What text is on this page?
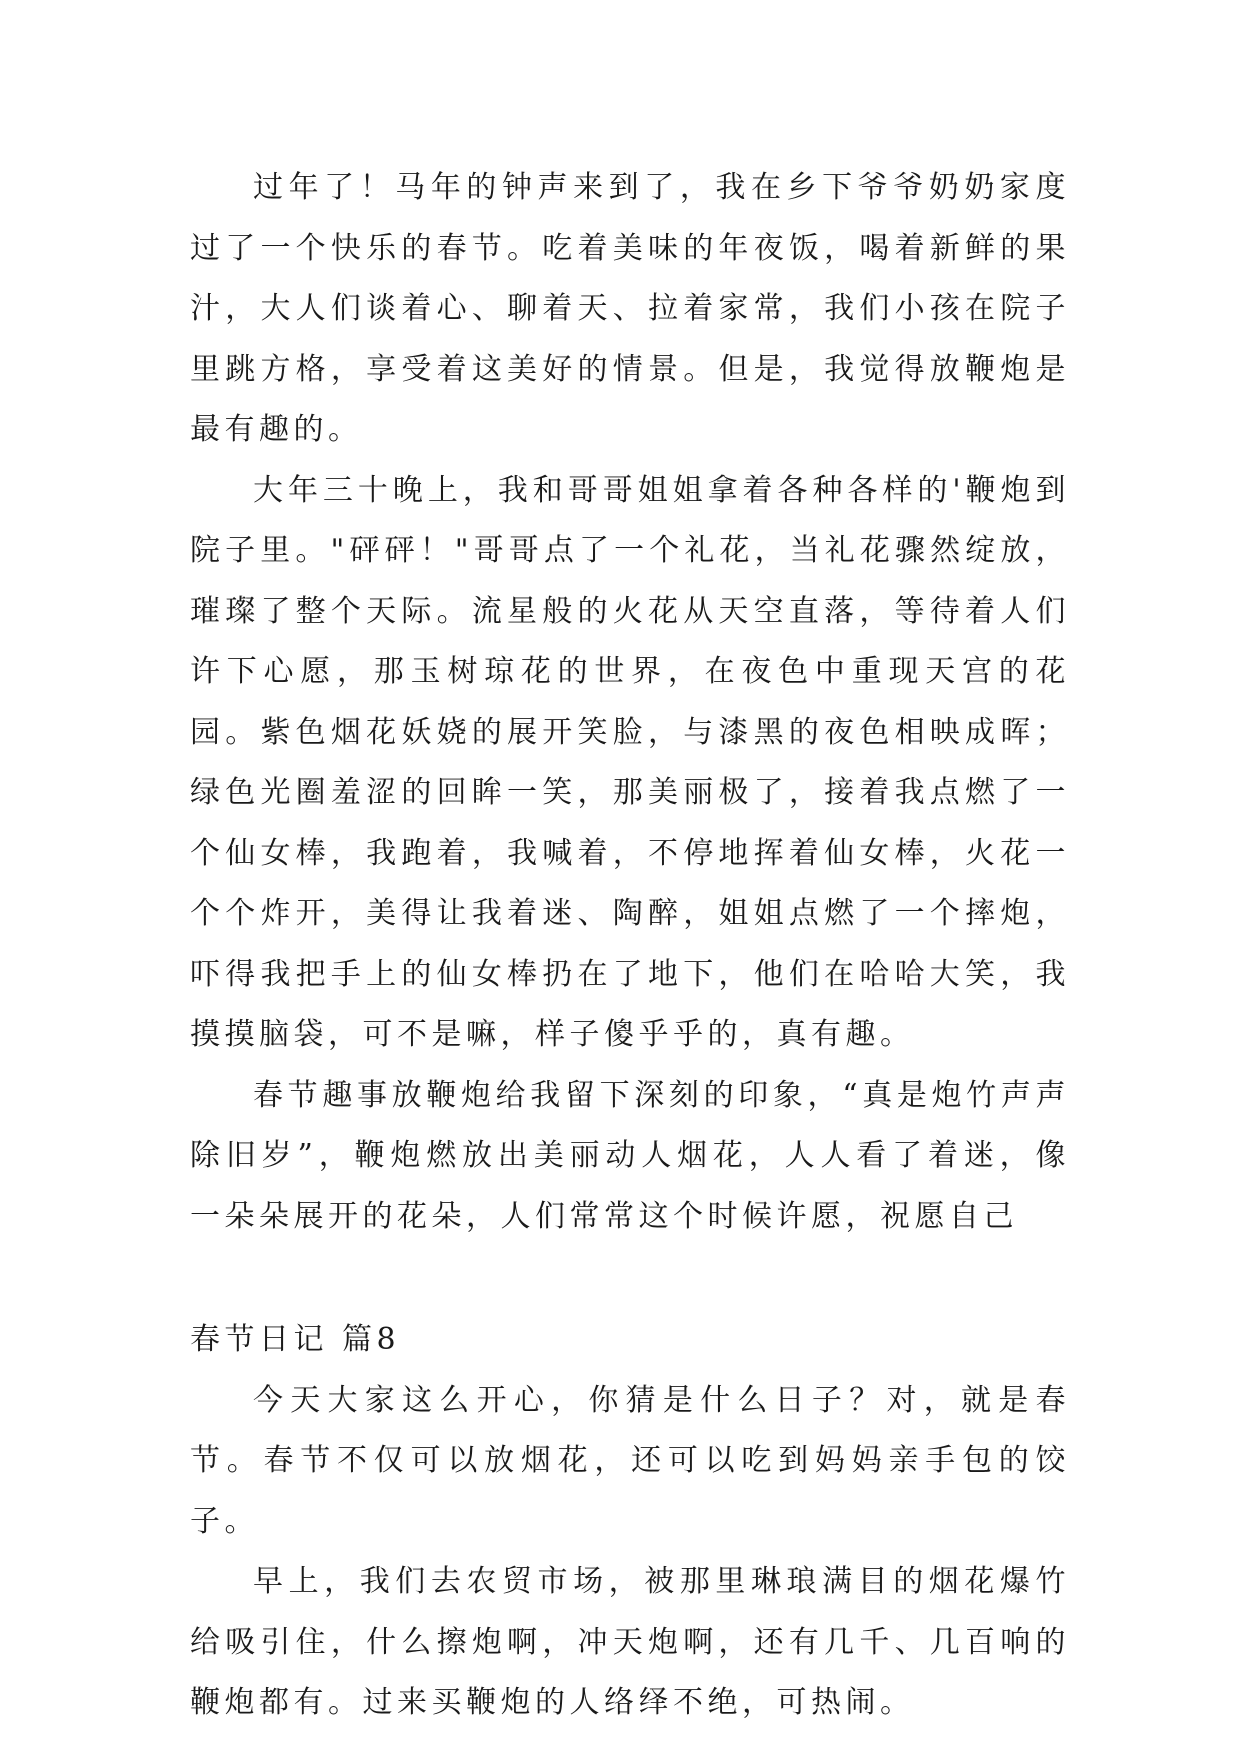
过年了！马年的钟声来到了，我在乡下爷爷奶奶家度过了一个快乐的春节。吃着美味的年夜饭，喝着新鲜的果汁，大人们谈着心、聊着天、拉着家常，我们小孩在院子里跳方格，享受着这美好的情景。但是，我觉得放鞭炮是最有趣的。

大年三十晚上，我和哥哥姐姐拿着各种各样的'鞭炮到院子里。"砰砰！"哥哥点了一个礼花，当礼花骤然绽放，璀璨了整个天际。流星般的火花从天空直落，等待着人们许下心愿，那玉树琼花的世界，在夜色中重现天宫的花园。紫色烟花妖娆的展开笑脸，与漆黑的夜色相映成晖；绿色光圈羞涩的回眸一笑，那美丽极了，接着我点燃了一个仙女棒，我跑着，我喊着，不停地挥着仙女棒，火花一个个炸开，美得让我着迷、陶醉，姐姐点燃了一个摔炮，吓得我把手上的仙女棒扔在了地下，他们在哈哈大笑，我摸摸脑袋，可不是嘛，样子傻乎乎的，真有趣。

春节趣事放鞭炮给我留下深刻的印象，“真是炮竹声声除旧岁”，鞭炮燃放出美丽动人烟花，人人看了着迷，像一朵朵展开的花朵，人们常常这个时候许愿，祝愿自己

春节日记 篇8

今天大家这么开心，你猜是什么日子？对，就是春节。春节不仅可以放烟花，还可以吃到妈妈亲手包的饺子。

早上，我们去农贸市场，被那里琳琅满目的烟花爆竹给吸引住，什么擦炮啊，冲天炮啊，还有几千、几百响的鞭炮都有。过来买鞭炮的人络绎不绝，可热闹。
